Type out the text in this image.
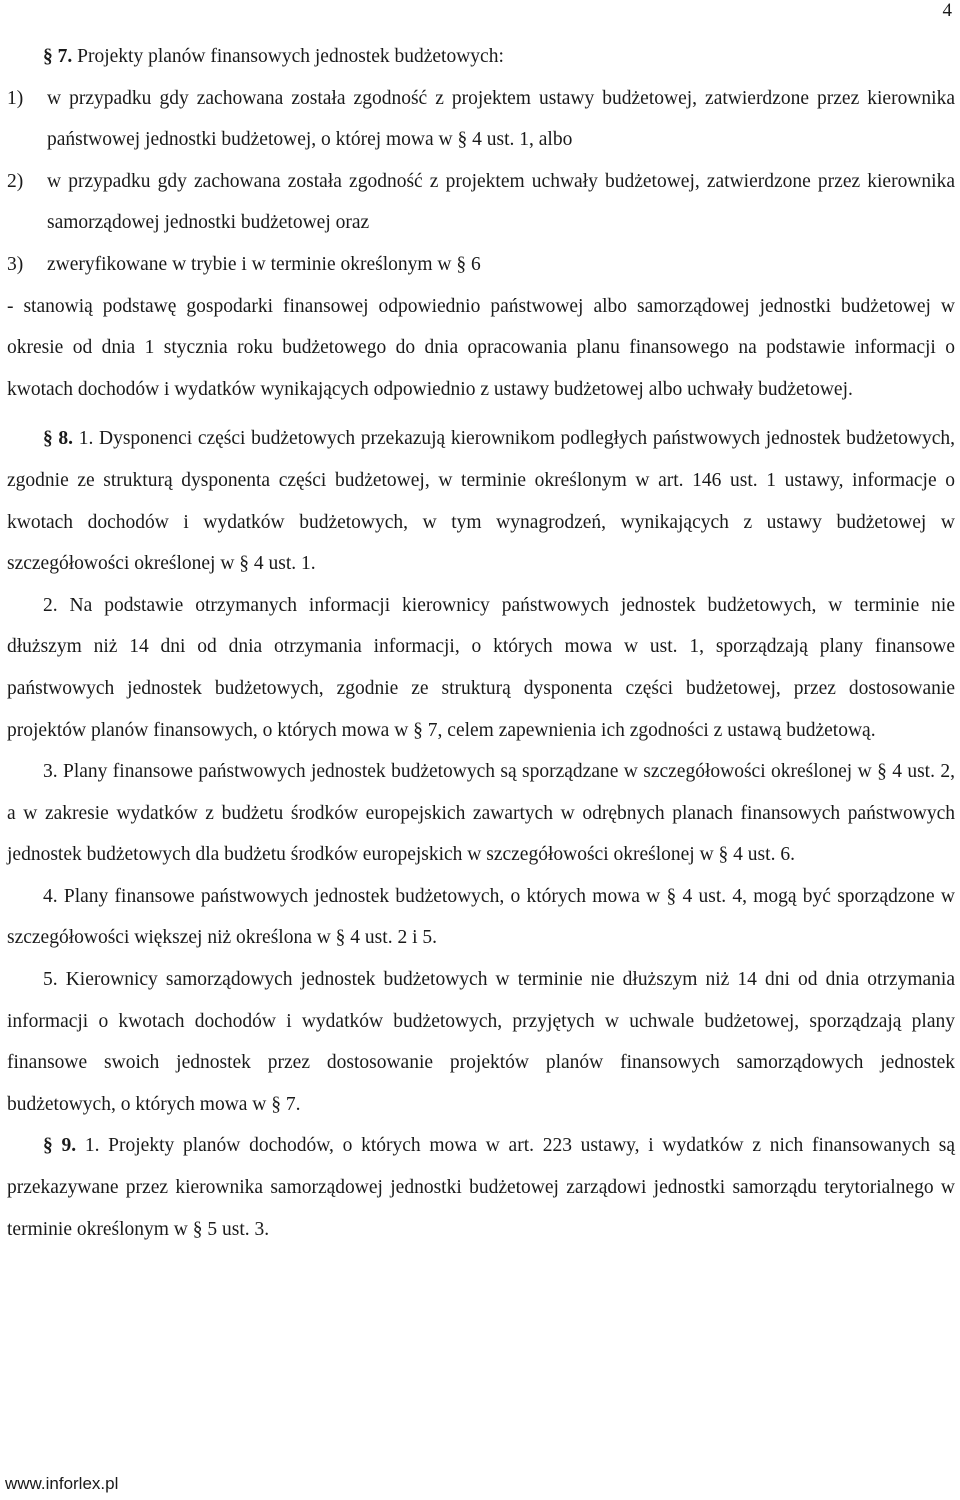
4

§ 7. Projekty planów finansowych jednostek budżetowych:

1)	w przypadku gdy zachowana została zgodność z projektem ustawy budżetowej, zatwierdzone przez kierownika państwowej jednostki budżetowej, o której mowa w § 4 ust. 1, albo
2)	w przypadku gdy zachowana została zgodność z projektem uchwały budżetowej, zatwierdzone przez kierownika samorządowej jednostki budżetowej oraz
3)	zweryfikowane w trybie i w terminie określonym w § 6

- stanowią podstawę gospodarki finansowej odpowiednio państwowej albo samorządowej jednostki budżetowej w okresie od dnia 1 stycznia roku budżetowego do dnia opracowania planu finansowego na podstawie informacji o kwotach dochodów i wydatków wynikających odpowiednio z ustawy budżetowej albo uchwały budżetowej.

§ 8. 1. Dysponenci części budżetowych przekazują kierownikom podległych państwowych jednostek budżetowych, zgodnie ze strukturą dysponenta części budżetowej, w terminie określonym w art. 146 ust. 1 ustawy, informacje o kwotach dochodów i wydatków budżetowych, w tym wynagrodzeń, wynikających z ustawy budżetowej w szczegółowości określonej w § 4 ust. 1.

2. Na podstawie otrzymanych informacji kierownicy państwowych jednostek budżetowych, w terminie nie dłuższym niż 14 dni od dnia otrzymania informacji, o których mowa w ust. 1, sporządzają plany finansowe państwowych jednostek budżetowych, zgodnie ze strukturą dysponenta części budżetowej, przez dostosowanie projektów planów finansowych, o których mowa w § 7, celem zapewnienia ich zgodności z ustawą budżetową.

3. Plany finansowe państwowych jednostek budżetowych są sporządzane w szczegółowości określonej w § 4 ust. 2, a w zakresie wydatków z budżetu środków europejskich zawartych w odrębnych planach finansowych państwowych jednostek budżetowych dla budżetu środków europejskich w szczegółowości określonej w § 4 ust. 6.

4. Plany finansowe państwowych jednostek budżetowych, o których mowa w § 4 ust. 4, mogą być sporządzone w szczegółowości większej niż określona w § 4 ust. 2 i 5.

5. Kierownicy samorządowych jednostek budżetowych w terminie nie dłuższym niż 14 dni od dnia otrzymania informacji o kwotach dochodów i wydatków budżetowych, przyjętych w uchwale budżetowej, sporządzają plany finansowe swoich jednostek przez dostosowanie projektów planów finansowych samorządowych jednostek budżetowych, o których mowa w § 7.

§ 9. 1. Projekty planów dochodów, o których mowa w art. 223 ustawy, i wydatków z nich finansowanych są przekazywane przez kierownika samorządowej jednostki budżetowej zarządowi jednostki samorządu terytorialnego w terminie określonym w § 5 ust. 3.

www.inforlex.pl
